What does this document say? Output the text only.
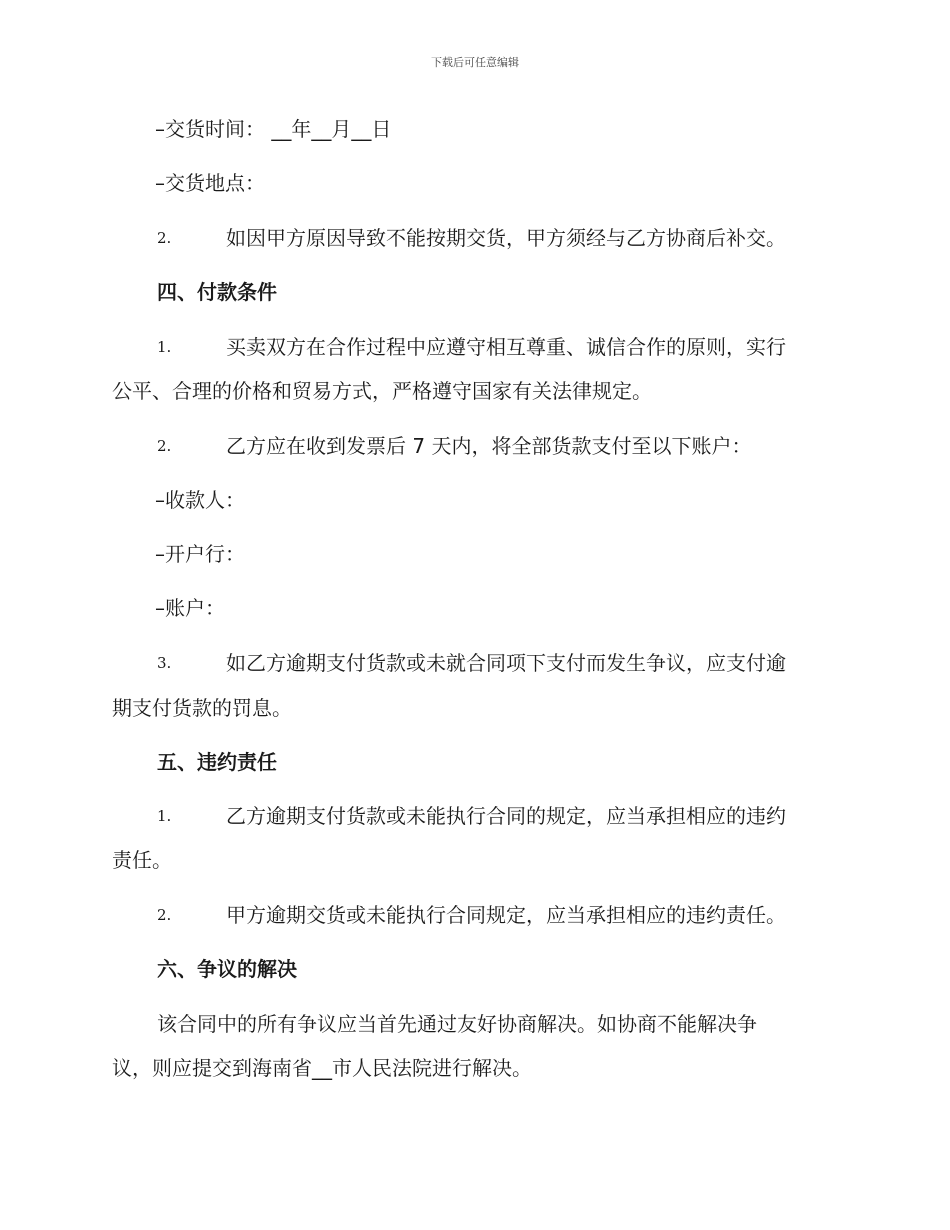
下载后可任意编辑
–交货时间： __年__月__日
–交货地点：
2.	如因甲方原因导致不能按期交货，甲方须经与乙方协商后补交。
四、付款条件
1.	买卖双方在合作过程中应遵守相互尊重、诚信合作的原则，实行
公平、合理的价格和贸易方式，严格遵守国家有关法律规定。
2.	乙方应在收到发票后 7 天内，将全部货款支付至以下账户：
–收款人：
–开户行：
–账户：
3.	如乙方逾期支付货款或未就合同项下支付而发生争议，应支付逾
期支付货款的罚息。
五、违约责任
1.	乙方逾期支付货款或未能执行合同的规定，应当承担相应的违约
责任。
2.	甲方逾期交货或未能执行合同规定，应当承担相应的违约责任。
六、争议的解决
该合同中的所有争议应当首先通过友好协商解决。如协商不能解决争
议，则应提交到海南省__市人民法院进行解决。
